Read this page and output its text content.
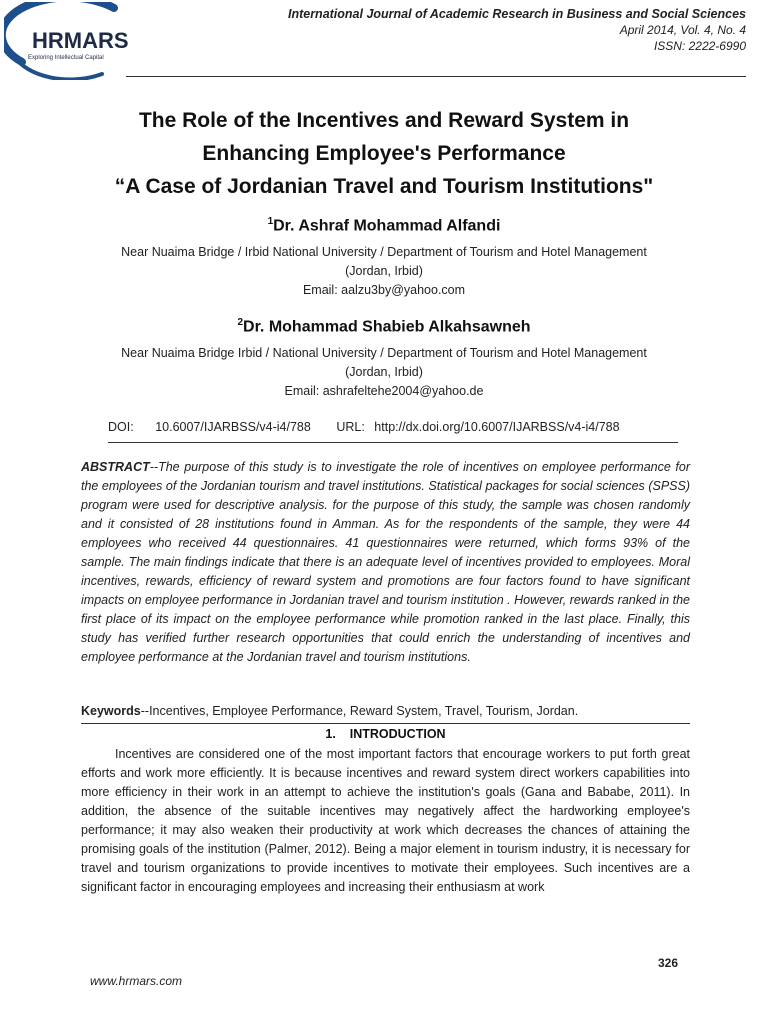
HRMARS
Exploring Intellectual Capital
International Journal of Academic Research in Business and Social Sciences
April 2014, Vol. 4, No. 4
ISSN: 2222-6990
The Role of the Incentives and Reward System in
Enhancing Employee's Performance
“A Case of Jordanian Travel and Tourism Institutions"
$^1$Dr. Ashraf Mohammad Alfandi
Near Nuaima Bridge / Irbid National University / Department of Tourism and Hotel Management
(Jordan, Irbid)
Email: aalzu3by@yahoo.com
$^2$Dr. Mohammad Shabieb Alkahsawneh
Near Nuaima Bridge Irbid / National University / Department of Tourism and Hotel Management
(Jordan, Irbid)
Email: ashrafeltehe2004@yahoo.de
DOI: 10.6007/IJARBSS/v4-i4/788 URL: http://dx.doi.org/10.6007/IJARBSS/v4-i4/788
ABSTRACT--The purpose of this study is to investigate the role of incentives on employee performance for the employees of the Jordanian tourism and travel institutions. Statistical packages for social sciences (SPSS) program were used for descriptive analysis. for the purpose of this study, the sample was chosen randomly and it consisted of 28 institutions found in Amman. As for the respondents of the sample, they were 44 employees who received 44 questionnaires. 41 questionnaires were returned, which forms 93% of the sample. The main findings indicate that there is an adequate level of incentives provided to employees. Moral incentives, rewards, efficiency of reward system and promotions are four factors found to have significant impacts on employee performance in Jordanian travel and tourism institution . However, rewards ranked in the first place of its impact on the employee performance while promotion ranked in the last place. Finally, this study has verified further research opportunities that could enrich the understanding of incentives and employee performance at the Jordanian travel and tourism institutions.
Keywords--Incentives, Employee Performance, Reward System, Travel, Tourism, Jordan.
1.    INTRODUCTION
Incentives are considered one of the most important factors that encourage workers to put forth great efforts and work more efficiently. It is because incentives and reward system direct workers capabilities into more efficiency in their work in an attempt to achieve the institution's goals (Gana and Bababe, 2011). In addition, the absence of the suitable incentives may negatively affect the hardworking employee's performance; it may also weaken their productivity at work which decreases the chances of attaining the promising goals of the institution (Palmer, 2012). Being a major element in tourism industry, it is necessary for travel and tourism organizations to provide incentives to motivate their employees. Such incentives are a significant factor in encouraging employees and increasing their enthusiasm at work
326
www.hrmars.com
